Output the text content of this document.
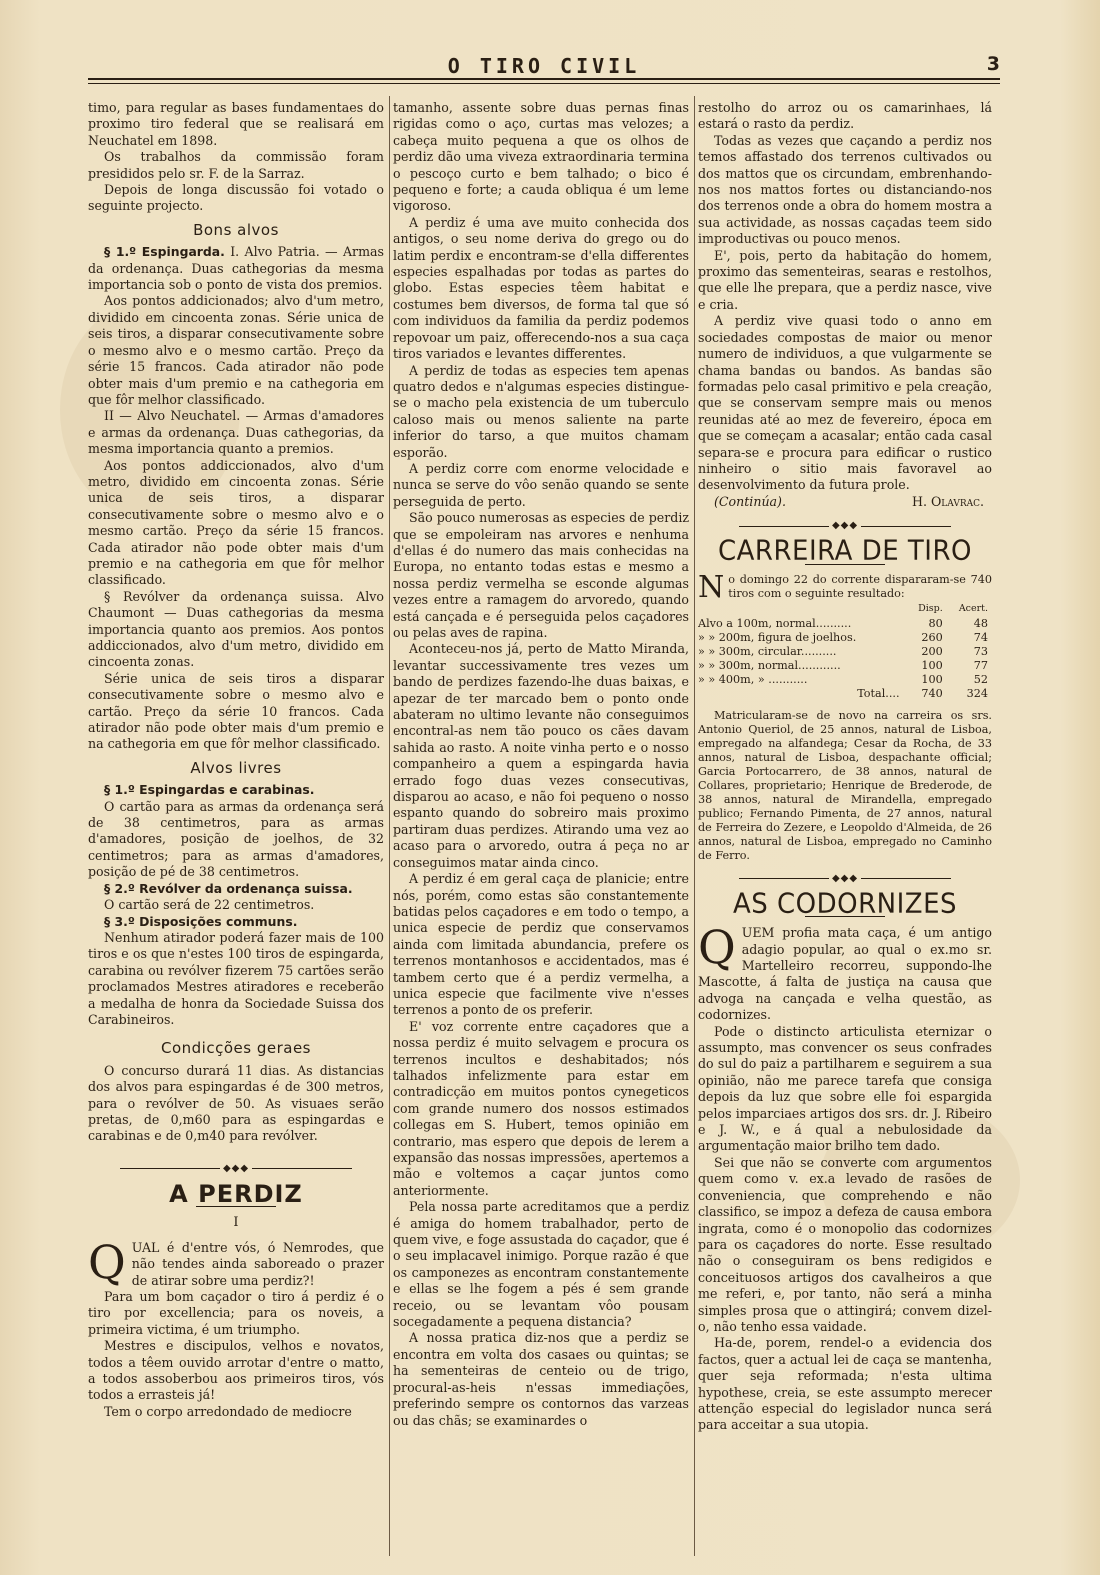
O TIRO CIVIL	3

timo, para regular as bases fundamentaes do proximo tiro federal que se realisará em Neuchatel em 1898.

Os trabalhos da commissão foram presididos pelo sr. F. de la Sarraz.

Depois de longa discussão foi votado o seguinte projecto.

Bons alvos

§ 1.º Espingarda. I. Alvo Patria. — Armas da ordenança. Duas cathegorias da mesma importancia sob o ponto de vista dos premios.

Aos pontos addicionados; alvo d'um metro, dividido em cincoenta zonas. Série unica de seis tiros, a disparar consecutivamente sobre o mesmo alvo e o mesmo cartão. Preço da série 15 francos. Cada atirador não pode obter mais d'um premio e na cathegoria em que fôr melhor classificado.

II — Alvo Neuchatel. — Armas d'amadores e armas da ordenança. Duas cathegorias, da mesma importancia quanto a premios.

Aos pontos addiccionados, alvo d'um metro, dividido em cincoenta zonas. Série unica de seis tiros, a disparar consecutivamente sobre o mesmo alvo e o mesmo cartão. Preço da série 15 francos. Cada atirador não pode obter mais d'um premio e na cathegoria em que fôr melhor classificado.

§ Revólver da ordenança suissa. Alvo Chaumont — Duas cathegorias da mesma importancia quanto aos premios. Aos pontos addiccionados, alvo d'um metro, dividido em cincoenta zonas.

Série unica de seis tiros a disparar consecutivamente sobre o mesmo alvo e cartão. Preço da série 10 francos. Cada atirador não pode obter mais d'um premio e na cathegoria em que fôr melhor classificado.

Alvos livres

§ 1.º Espingardas e carabinas.

O cartão para as armas da ordenança será de 38 centimetros, para as armas d'amadores, posição de joelhos, de 32 centimetros; para as armas d'amadores, posição de pé de 38 centimetros.

§ 2.º Revólver da ordenança suissa.

O cartão será de 22 centimetros.

§ 3.º Disposições communs.

Nenhum atirador poderá fazer mais de 100 tiros e os que n'estes 100 tiros de espingarda, carabina ou revólver fizerem 75 cartões serão proclamados Mestres atiradores e receberão a medalha de honra da Sociedade Suissa dos Carabineiros.

Condicções geraes

O concurso durará 11 dias. As distancias dos alvos para espingardas é de 300 metros, para o revólver de 50. As visuaes serão pretas, de 0,m60 para as espingardas e carabinas e de 0,m40 para revólver.

◆◆◆
A PERDIZ
I

QUAL é d'entre vós, ó Nemrodes, que não tendes ainda saboreado o prazer de atirar sobre uma perdiz?!

Para um bom caçador o tiro á perdiz é o tiro por excellencia; para os noveis, a primeira victima, é um triumpho.

Mestres e discipulos, velhos e novatos, todos a têem ouvido arrotar d'entre o matto, a todos assoberbou aos primeiros tiros, vós todos a errasteis já!

Tem o corpo arredondado de mediocre

tamanho, assente sobre duas pernas finas rigidas como o aço, curtas mas velozes; a cabeça muito pequena a que os olhos de perdiz dão uma viveza extraordinaria termina o pescoço curto e bem talhado; o bico é pequeno e forte; a cauda obliqua é um leme vigoroso.

A perdiz é uma ave muito conhecida dos antigos, o seu nome deriva do grego ou do latim perdix e encontram-se d'ella differentes especies espalhadas por todas as partes do globo. Estas especies têem habitat e costumes bem diversos, de forma tal que só com individuos da familia da perdiz podemos repovoar um paiz, offerecendo-nos a sua caça tiros variados e levantes differentes.

A perdiz de todas as especies tem apenas quatro dedos e n'algumas especies distingue-se o macho pela existencia de um tuberculo caloso mais ou menos saliente na parte inferior do tarso, a que muitos chamam esporão.

A perdiz corre com enorme velocidade e nunca se serve do vôo senão quando se sente perseguida de perto.

São pouco numerosas as especies de perdiz que se empoleiram nas arvores e nenhuma d'ellas é do numero das mais conhecidas na Europa, no entanto todas estas e mesmo a nossa perdiz vermelha se esconde algumas vezes entre a ramagem do arvoredo, quando está cançada e é perseguida pelos caçadores ou pelas aves de rapina.

Aconteceu-nos já, perto de Matto Miranda, levantar successivamente tres vezes um bando de perdizes fazendo-lhe duas baixas, e apezar de ter marcado bem o ponto onde abateram no ultimo levante não conseguimos encontral-as nem tão pouco os cães davam sahida ao rasto. A noite vinha perto e o nosso companheiro a quem a espingarda havia errado fogo duas vezes consecutivas, disparou ao acaso, e não foi pequeno o nosso espanto quando do sobreiro mais proximo partiram duas perdizes. Atirando uma vez ao acaso para o arvoredo, outra á peça no ar conseguimos matar ainda cinco.

A perdiz é em geral caça de planicie; entre nós, porém, como estas são constantemente batidas pelos caçadores e em todo o tempo, a unica especie de perdiz que conservamos ainda com limitada abundancia, prefere os terrenos montanhosos e accidentados, mas é tambem certo que é a perdiz vermelha, a unica especie que facilmente vive n'esses terrenos a ponto de os preferir.

E' voz corrente entre caçadores que a nossa perdiz é muito selvagem e procura os terrenos incultos e deshabitados; nós talhados infelizmente para estar em contradicção em muitos pontos cynegeticos com grande numero dos nossos estimados collegas em S. Hubert, temos opinião em contrario, mas espero que depois de lerem a expansão das nossas impressões, apertemos a mão e voltemos a caçar juntos como anteriormente.

Pela nossa parte acreditamos que a perdiz é amiga do homem trabalhador, perto de quem vive, e foge assustada do caçador, que é o seu implacavel inimigo. Porque razão é que os camponezes as encontram constantemente e ellas se lhe fogem a pés é sem grande receio, ou se levantam vôo pousam socegadamente a pequena distancia?

A nossa pratica diz-nos que a perdiz se encontra em volta dos casaes ou quintas; se ha sementeiras de centeio ou de trigo, procural-as-heis n'essas immediações, preferindo sempre os contornos das varzeas ou das chãs; se examinardes o

restolho do arroz ou os camarinhaes, lá estará o rasto da perdiz.

Todas as vezes que caçando a perdiz nos temos affastado dos terrenos cultivados ou dos mattos que os circundam, embrenhando-nos nos mattos fortes ou distanciando-nos dos terrenos onde a obra do homem mostra a sua actividade, as nossas caçadas teem sido improductivas ou pouco menos.

E', pois, perto da habitação do homem, proximo das sementeiras, searas e restolhos, que elle lhe prepara, que a perdiz nasce, vive e cria.

A perdiz vive quasi todo o anno em sociedades compostas de maior ou menor numero de individuos, a que vulgarmente se chama bandas ou bandos. As bandas são formadas pelo casal primitivo e pela creação, que se conservam sempre mais ou menos reunidas até ao mez de fevereiro, época em que se começam a acasalar; então cada casal separa-se e procura para edificar o rustico ninheiro o sitio mais favoravel ao desenvolvimento da futura prole.

(Continúa).	H. Olavrac.
◆◆◆
CARREIRA DE TIRO

No domingo 22 do corrente dispararam-se 740 tiros com o seguinte resultado:

	Disp.	Acert.
Alvo a 100m, normal..........	80	48
» » 200m, figura de joelhos.	260	74
» » 300m, circular..........	200	73
» » 300m, normal............	100	77
» » 400m, » ...........	100	52
Total....	740	324

Matricularam-se de novo na carreira os srs. Antonio Queriol, de 25 annos, natural de Lisboa, empregado na alfandega; Cesar da Rocha, de 33 annos, natural de Lisboa, despachante official; Garcia Portocarrero, de 38 annos, natural de Collares, proprietario; Henrique de Brederode, de 38 annos, natural de Mirandella, empregado publico; Fernando Pimenta, de 27 annos, natural de Ferreira do Zezere, e Leopoldo d'Almeida, de 26 annos, natural de Lisboa, empregado no Caminho de Ferro.

◆◆◆
AS CODORNIZES

QUEM profia mata caça, é um antigo adagio popular, ao qual o ex.mo sr. Martelleiro recorreu, suppondo-lhe Mascotte, á falta de justiça na causa que advoga na cançada e velha questão, as codornizes.

Pode o distincto articulista eternizar o assumpto, mas convencer os seus confrades do sul do paiz a partilharem e seguirem a sua opinião, não me parece tarefa que consiga depois da luz que sobre elle foi espargida pelos imparciaes artigos dos srs. dr. J. Ribeiro e J. W., e á qual a nebulosidade da argumentação maior brilho tem dado.

Sei que não se converte com argumentos quem como v. ex.a levado de rasões de conveniencia, que comprehendo e não classifico, se impoz a defeza de causa embora ingrata, como é o monopolio das codornizes para os caçadores do norte. Esse resultado não o conseguiram os bens redigidos e conceituosos artigos dos cavalheiros a que me referi, e, por tanto, não será a minha simples prosa que o attingirá; convem dizel-o, não tenho essa vaidade.

Ha-de, porem, rendel-o a evidencia dos factos, quer a actual lei de caça se mantenha, quer seja reformada; n'esta ultima hypothese, creia, se este assumpto merecer attenção especial do legislador nunca será para acceitar a sua utopia.
